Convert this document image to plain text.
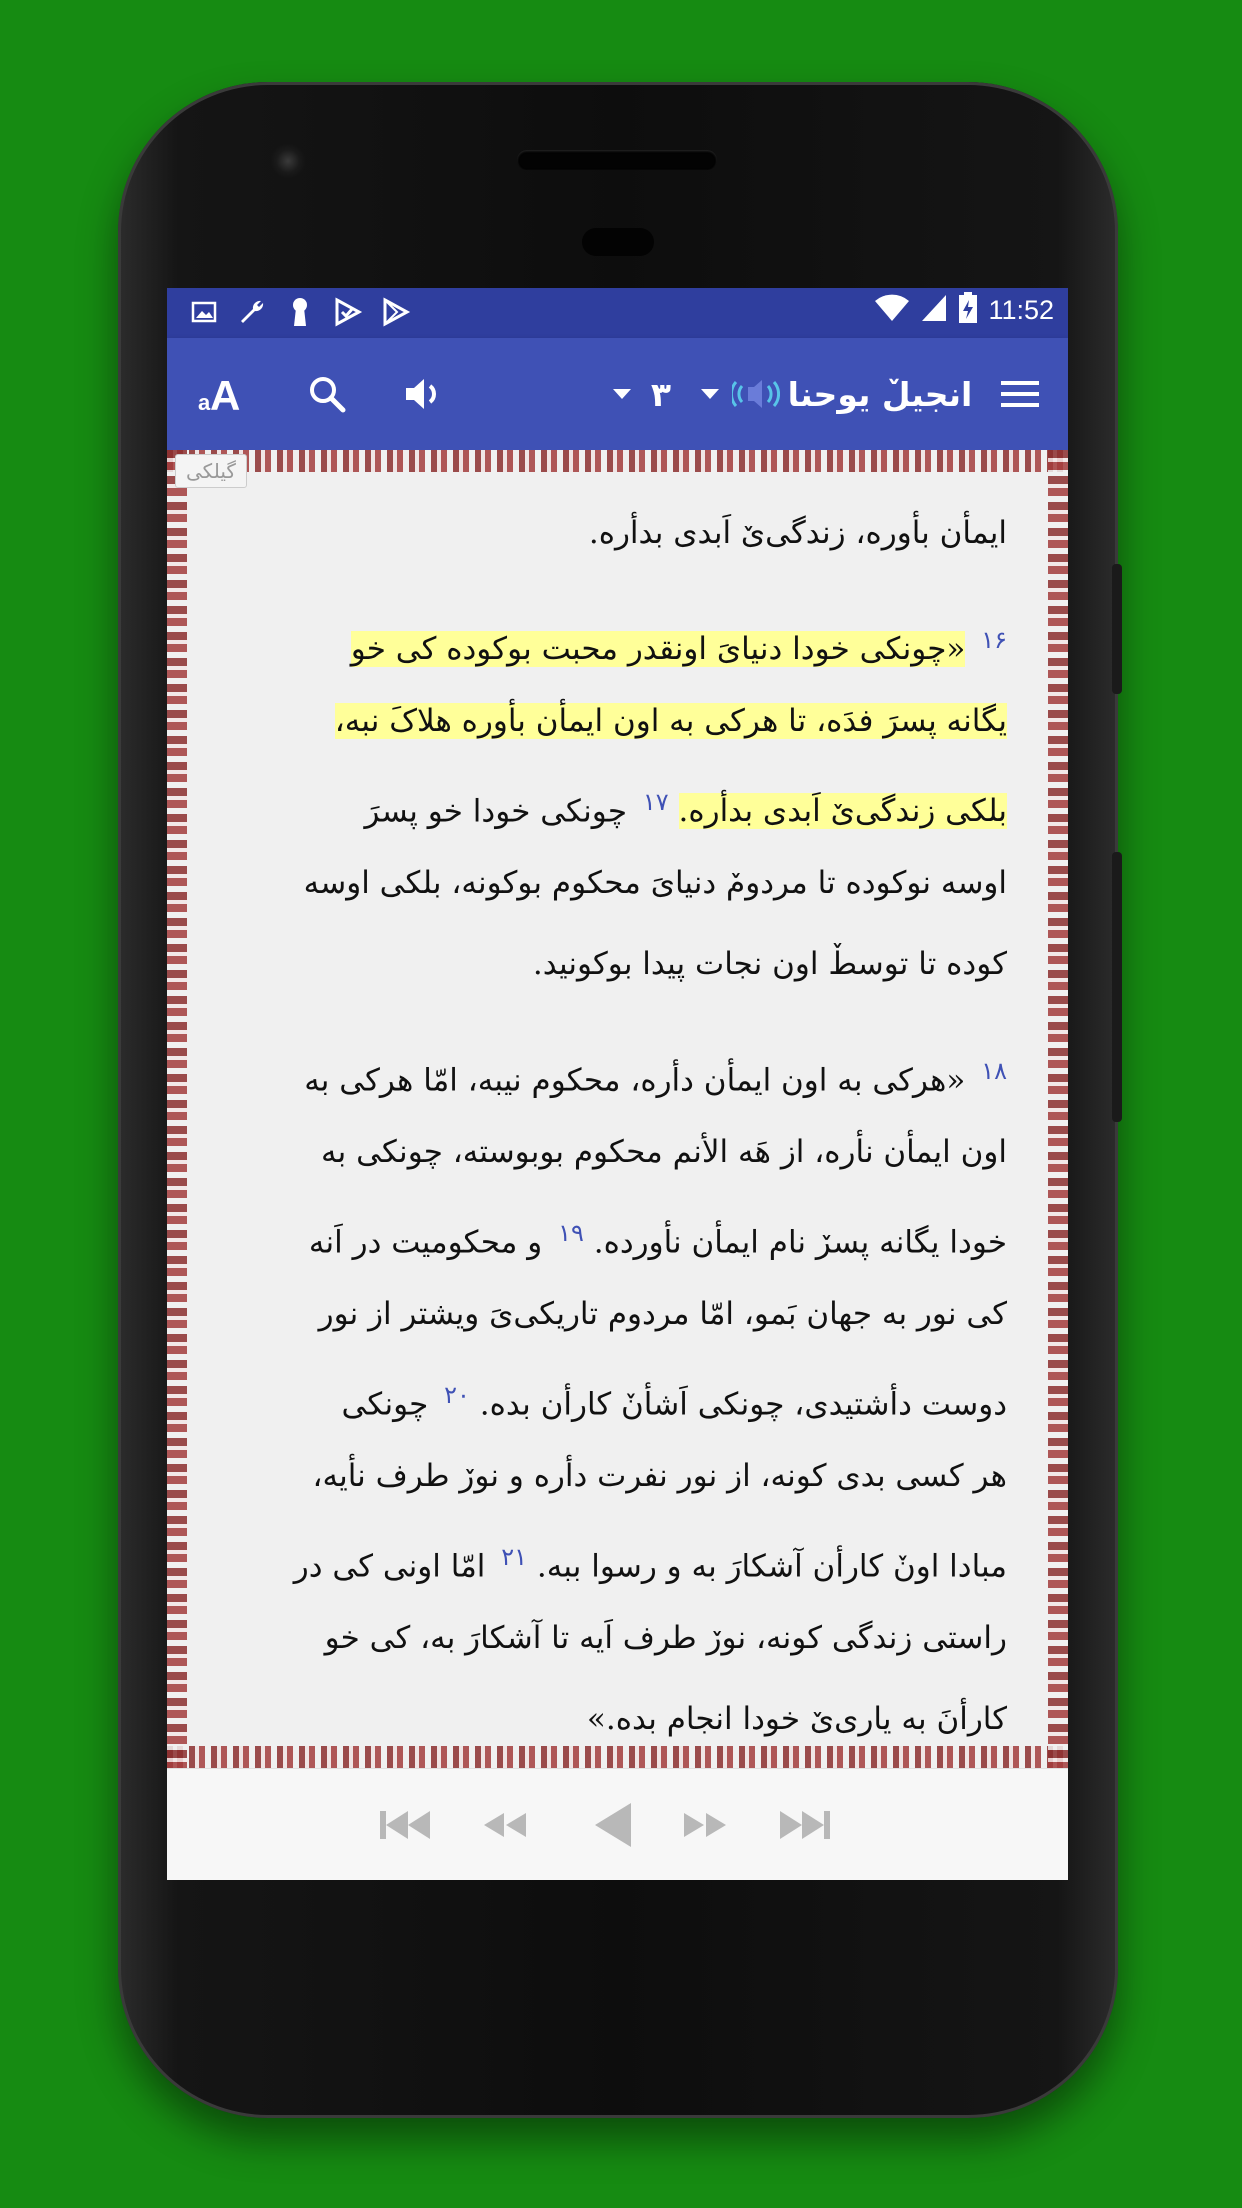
11:52
a A	۳	انجیلٚ یوحنا
گیلکی
ایمأن بأوره، زندگی‌یٚ اَبدی بدأره.
$^{۱۶}$ «چونکی خودا دنیایَ اونقدر محبت بوکوده کی خو
یگانه پسرَ فدَه، تا هرکی به اون ایمأن بأوره هلاکَ نبه،
بلکی زندگی‌یٚ اَبدی بدأره. $^{۱۷}$ چونکی خودا خو پسرَ
اوسه نوکوده تا مردومٚ دنیایَ محکوم بوکونه، بلکی اوسه
کوده تا توسطٚ اون نجات پیدا بوکونید.
$^{۱۸}$ «هرکی به اون ایمأن دأره، محکوم نیبه، امّا هرکی به
اون ایمأن نأره، از هَه الأنم محکوم بوبوسته، چونکی به
خودا یگانه پسرٚ نام ایمأن نأورده. $^{۱۹}$ و محکومیت در اَنه
کی نور به جهان بَمو، امّا مردوم تاریکی‌یَ ویشتر از نور
دوست دأشتیدی، چونکی اَشأنٚ کارأن بده. $^{۲۰}$ چونکی
هر کسی بدی کونه، از نور نفرت دأره و نورٚ طرف نأیه،
مبادا اونٚ کارأن آشکارَ به و رسوا ببه. $^{۲۱}$ امّا اونی کی در
راستی زندگی کونه، نورٚ طرف اَیه تا آشکارَ به، کی خو
کارأنَ به یاری‌یٚ خودا انجام بده.»
